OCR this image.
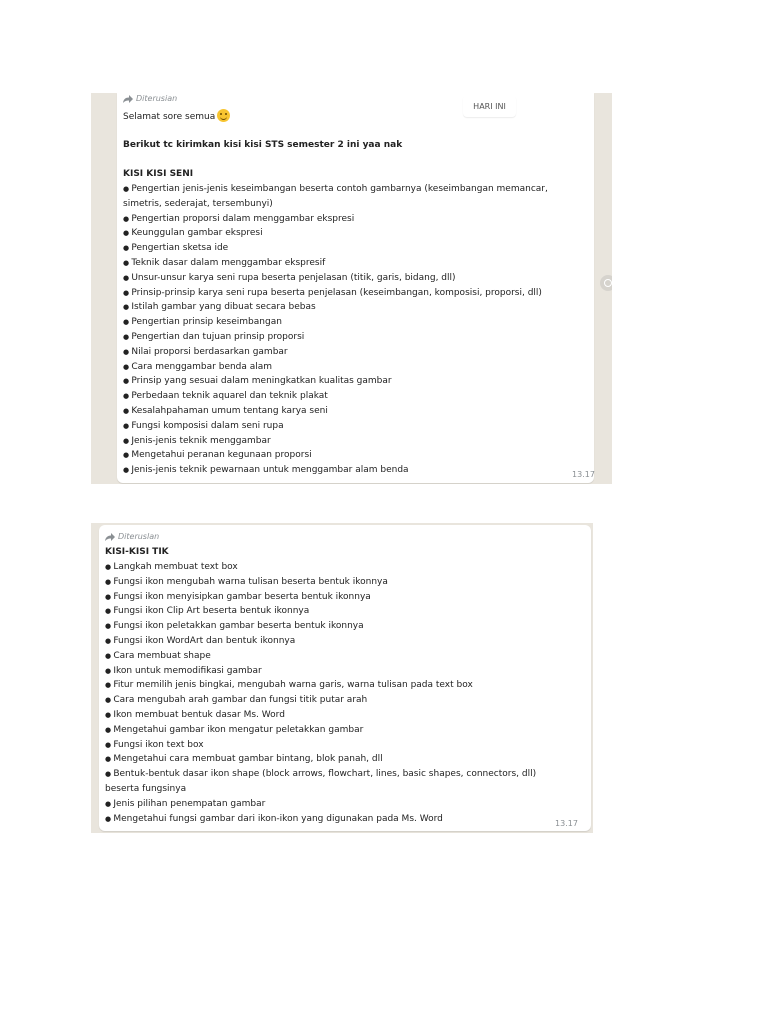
Diterusian
Selamat sore semua
Berikut tc kirimkan kisi kisi STS semester 2 ini yaa nak
KISI KISI SENI
● Pengertian jenis-jenis keseimbangan beserta contoh gambarnya (keseimbangan memancar,
simetris, sederajat, tersembunyi)
● Pengertian proporsi dalam menggambar ekspresi
● Keunggulan gambar ekspresi
● Pengertian sketsa ide
● Teknik dasar dalam menggambar ekspresif
● Unsur-unsur karya seni rupa beserta penjelasan (titik, garis, bidang, dll)
● Prinsip-prinsip karya seni rupa beserta penjelasan (keseimbangan, komposisi, proporsi, dll)
● Istilah gambar yang dibuat secara bebas
● Pengertian prinsip keseimbangan
● Pengertian dan tujuan prinsip proporsi
● Nilai proporsi berdasarkan gambar
● Cara menggambar benda alam
● Prinsip yang sesuai dalam meningkatkan kualitas gambar
● Perbedaan teknik aquarel dan teknik plakat
● Kesalahpahaman umum tentang karya seni
● Fungsi komposisi dalam seni rupa
● Jenis-jenis teknik menggambar
● Mengetahui peranan kegunaan proporsi
● Jenis-jenis teknik pewarnaan untuk menggambar alam benda	13.17
HARI INI
Diteruslan
KISI-KISI TIK
● Langkah membuat text box
● Fungsi ikon mengubah warna tulisan beserta bentuk ikonnya
● Fungsi ikon menyisipkan gambar beserta bentuk ikonnya
● Fungsi ikon Clip Art beserta bentuk ikonnya
● Fungsi ikon peletakkan gambar beserta bentuk ikonnya
● Fungsi ikon WordArt dan bentuk ikonnya
● Cara membuat shape
● Ikon untuk memodifikasi gambar
● Fitur memilih jenis bingkai, mengubah warna garis, warna tulisan pada text box
● Cara mengubah arah gambar dan fungsi titik putar arah
● Ikon membuat bentuk dasar Ms. Word
● Mengetahui gambar ikon mengatur peletakkan gambar
● Fungsi ikon text box
● Mengetahui cara membuat gambar bintang, blok panah, dll
● Bentuk-bentuk dasar ikon shape (block arrows, flowchart, lines, basic shapes, connectors, dll)
beserta fungsinya
● Jenis pilihan penempatan gambar
● Mengetahui fungsi gambar dari ikon-ikon yang digunakan pada Ms. Word	13.17
